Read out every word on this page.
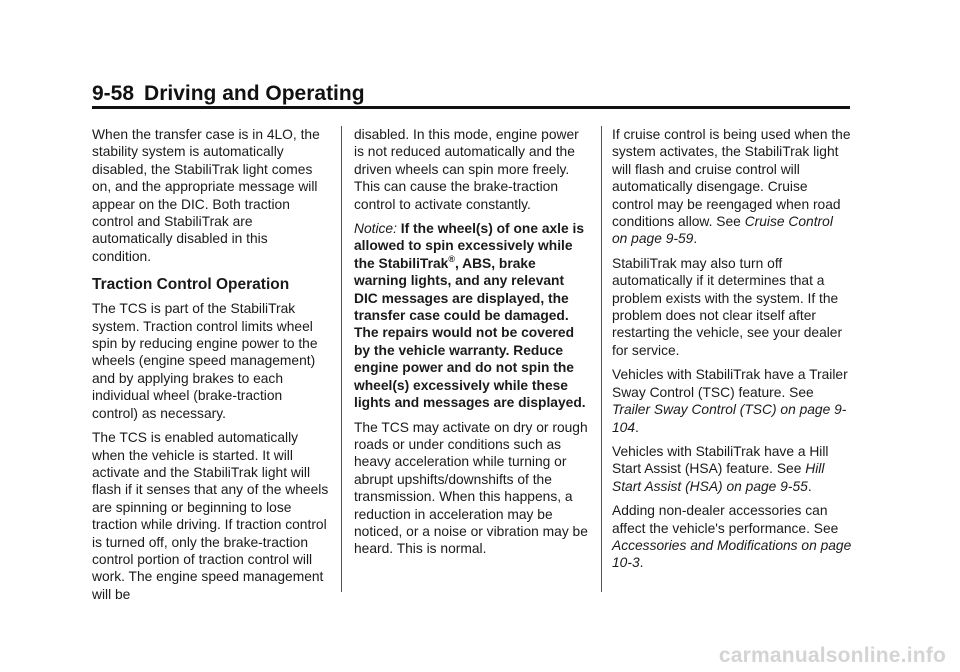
9-58 Driving and Operating

When the transfer case is in 4LO, the stability system is automatically disabled, the StabiliTrak light comes on, and the appropriate message will appear on the DIC. Both traction control and StabiliTrak are automatically disabled in this condition.

Traction Control Operation

The TCS is part of the StabiliTrak system. Traction control limits wheel spin by reducing engine power to the wheels (engine speed management) and by applying brakes to each individual wheel (brake-traction control) as necessary.

The TCS is enabled automatically when the vehicle is started. It will activate and the StabiliTrak light will flash if it senses that any of the wheels are spinning or beginning to lose traction while driving. If traction control is turned off, only the brake-traction control portion of traction control will work. The engine speed management will be

disabled. In this mode, engine power is not reduced automatically and the driven wheels can spin more freely. This can cause the brake-traction control to activate constantly.

Notice: If the wheel(s) of one axle is allowed to spin excessively while the StabiliTrak®, ABS, brake warning lights, and any relevant DIC messages are displayed, the transfer case could be damaged. The repairs would not be covered by the vehicle warranty. Reduce engine power and do not spin the wheel(s) excessively while these lights and messages are displayed.

The TCS may activate on dry or rough roads or under conditions such as heavy acceleration while turning or abrupt upshifts/downshifts of the transmission. When this happens, a reduction in acceleration may be noticed, or a noise or vibration may be heard. This is normal.

If cruise control is being used when the system activates, the StabiliTrak light will flash and cruise control will automatically disengage. Cruise control may be reengaged when road conditions allow. See Cruise Control on page 9-59.

StabiliTrak may also turn off automatically if it determines that a problem exists with the system. If the problem does not clear itself after restarting the vehicle, see your dealer for service.

Vehicles with StabiliTrak have a Trailer Sway Control (TSC) feature. See Trailer Sway Control (TSC) on page 9-104.

Vehicles with StabiliTrak have a Hill Start Assist (HSA) feature. See Hill Start Assist (HSA) on page 9-55.

Adding non-dealer accessories can affect the vehicle's performance. See Accessories and Modifications on page 10-3.

carmanualsonline.info
